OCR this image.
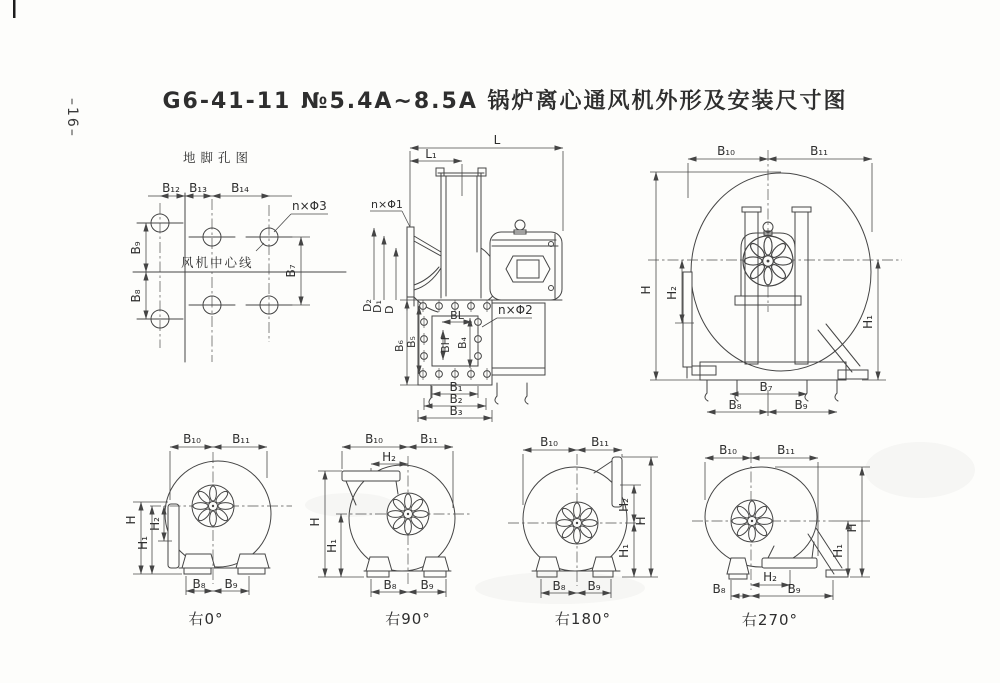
–16–	G6-41-11 №5.4A~8.5A 锅炉离心通风机外形及安装尺寸图
地脚孔图
风机中心线
B₁₂ B₁₃ B₁₄
n×Φ3
B₉
B₈
B₇
L
L₁
n×Φ1
D₂
D₁ D
B₆ B₅
BL
BH B₄
n×Φ2
B₁
B₂
B₃
B₁₀	B₁₁
H H₂
H₁
B₇
B₈	B₉
B₁₀	B₁₁
H H₂
H₁
B₈ B₉
右0°
B₁₀	B₁₁
H₂
H
H₁
B₈ B₉
右90°
B₁₀	B₁₁
H₂
H₁
H
B₈ B₉
右180°
B₁₀	B₁₁
H
H₁
H₂
B₈	B₉
右270°
